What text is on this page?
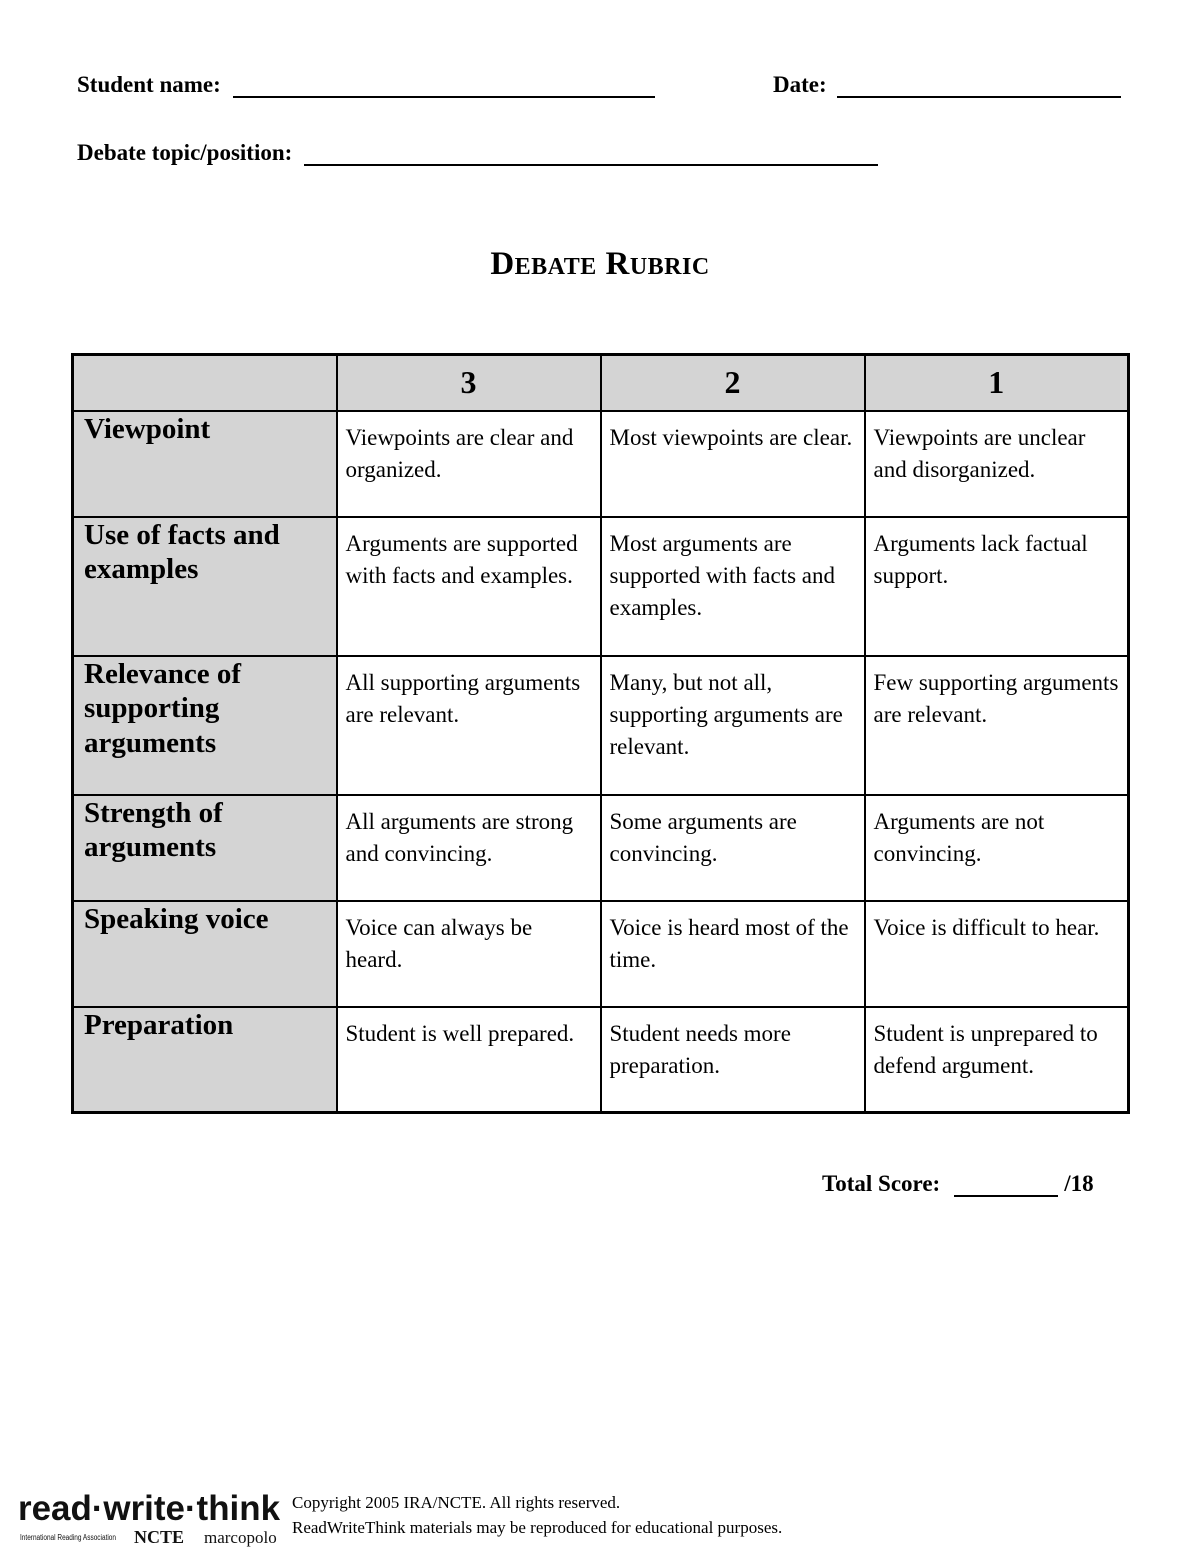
Student name:	Date:
Debate topic/position:
DEBATE RUBRIC
	3	2	1
Viewpoint	Viewpoints are clear and organized.	Most viewpoints are clear.	Viewpoints are unclear and disorganized.
Use of facts and examples	Arguments are supported with facts and examples.	Most arguments are supported with facts and examples.	Arguments lack factual support.
Relevance of supporting arguments	All supporting arguments are relevant.	Many, but not all, supporting arguments are relevant.	Few supporting arguments are relevant.
Strength of arguments	All arguments are strong and convincing.	Some arguments are convincing.	Arguments are not convincing.
Speaking voice	Voice can always be heard.	Voice is heard most of the time.	Voice is difficult to hear.
Preparation	Student is well prepared.	Student needs more preparation.	Student is unprepared to defend argument.
Total Score:	/18
read·write·think
International Reading Association NCTE marcopolo
Copyright 2005 IRA/NCTE. All rights reserved.
ReadWriteThink materials may be reproduced for educational purposes.
